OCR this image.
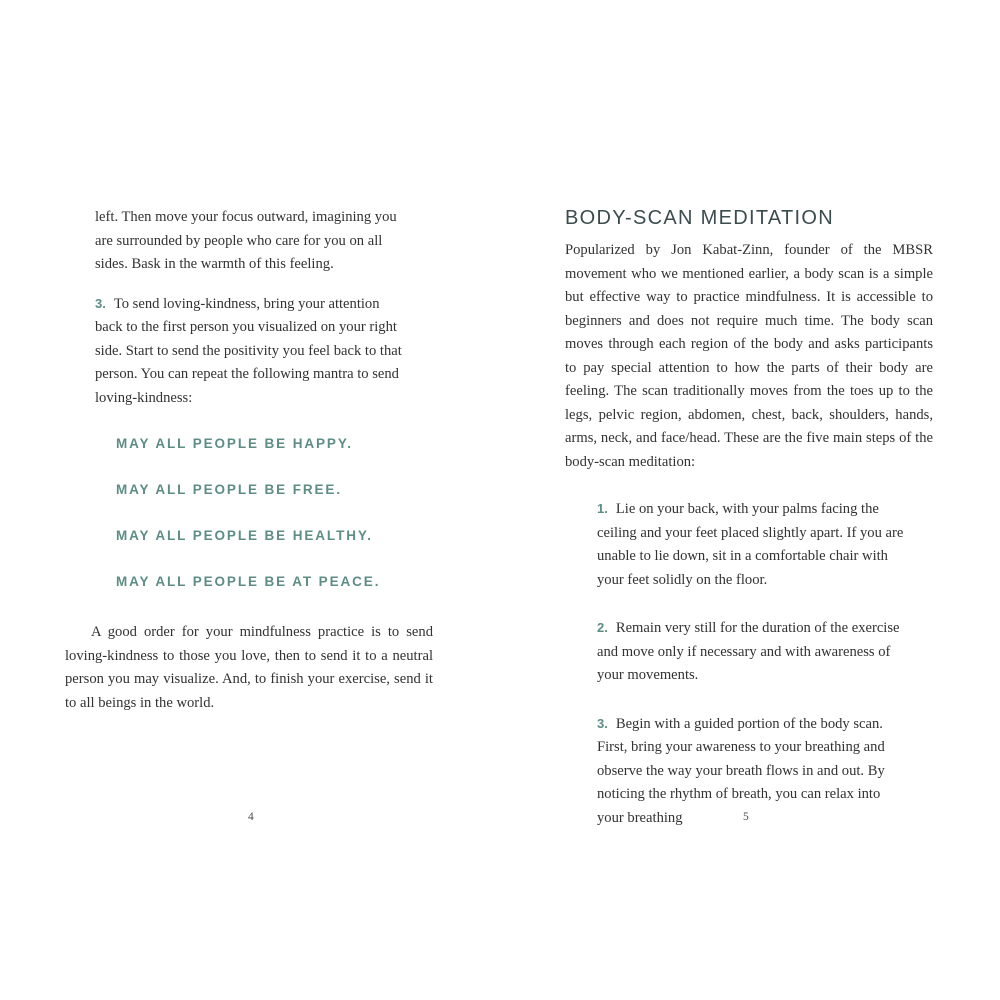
left. Then move your focus outward, imagining you are surrounded by people who care for you on all sides. Bask in the warmth of this feeling.

3. To send loving-kindness, bring your attention back to the first person you visualized on your right side. Start to send the positivity you feel back to that person. You can repeat the following mantra to send loving-kindness:

MAY ALL PEOPLE BE HAPPY.

MAY ALL PEOPLE BE FREE.

MAY ALL PEOPLE BE HEALTHY.

MAY ALL PEOPLE BE AT PEACE.

A good order for your mindfulness practice is to send loving-kindness to those you love, then to send it to a neutral person you may visualize. And, to finish your exercise, send it to all beings in the world.

BODY-SCAN MEDITATION

Popularized by Jon Kabat-Zinn, founder of the MBSR movement who we mentioned earlier, a body scan is a simple but effective way to practice mindfulness. It is accessible to beginners and does not require much time. The body scan moves through each region of the body and asks participants to pay special attention to how the parts of their body are feeling. The scan traditionally moves from the toes up to the legs, pelvic region, abdomen, chest, back, shoulders, hands, arms, neck, and face/head. These are the five main steps of the body-scan meditation:

1. Lie on your back, with your palms facing the ceiling and your feet placed slightly apart. If you are unable to lie down, sit in a comfortable chair with your feet solidly on the floor.

2. Remain very still for the duration of the exercise and move only if necessary and with awareness of your movements.

3. Begin with a guided portion of the body scan. First, bring your awareness to your breathing and observe the way your breath flows in and out. By noticing the rhythm of breath, you can relax into your breathing

4	5
